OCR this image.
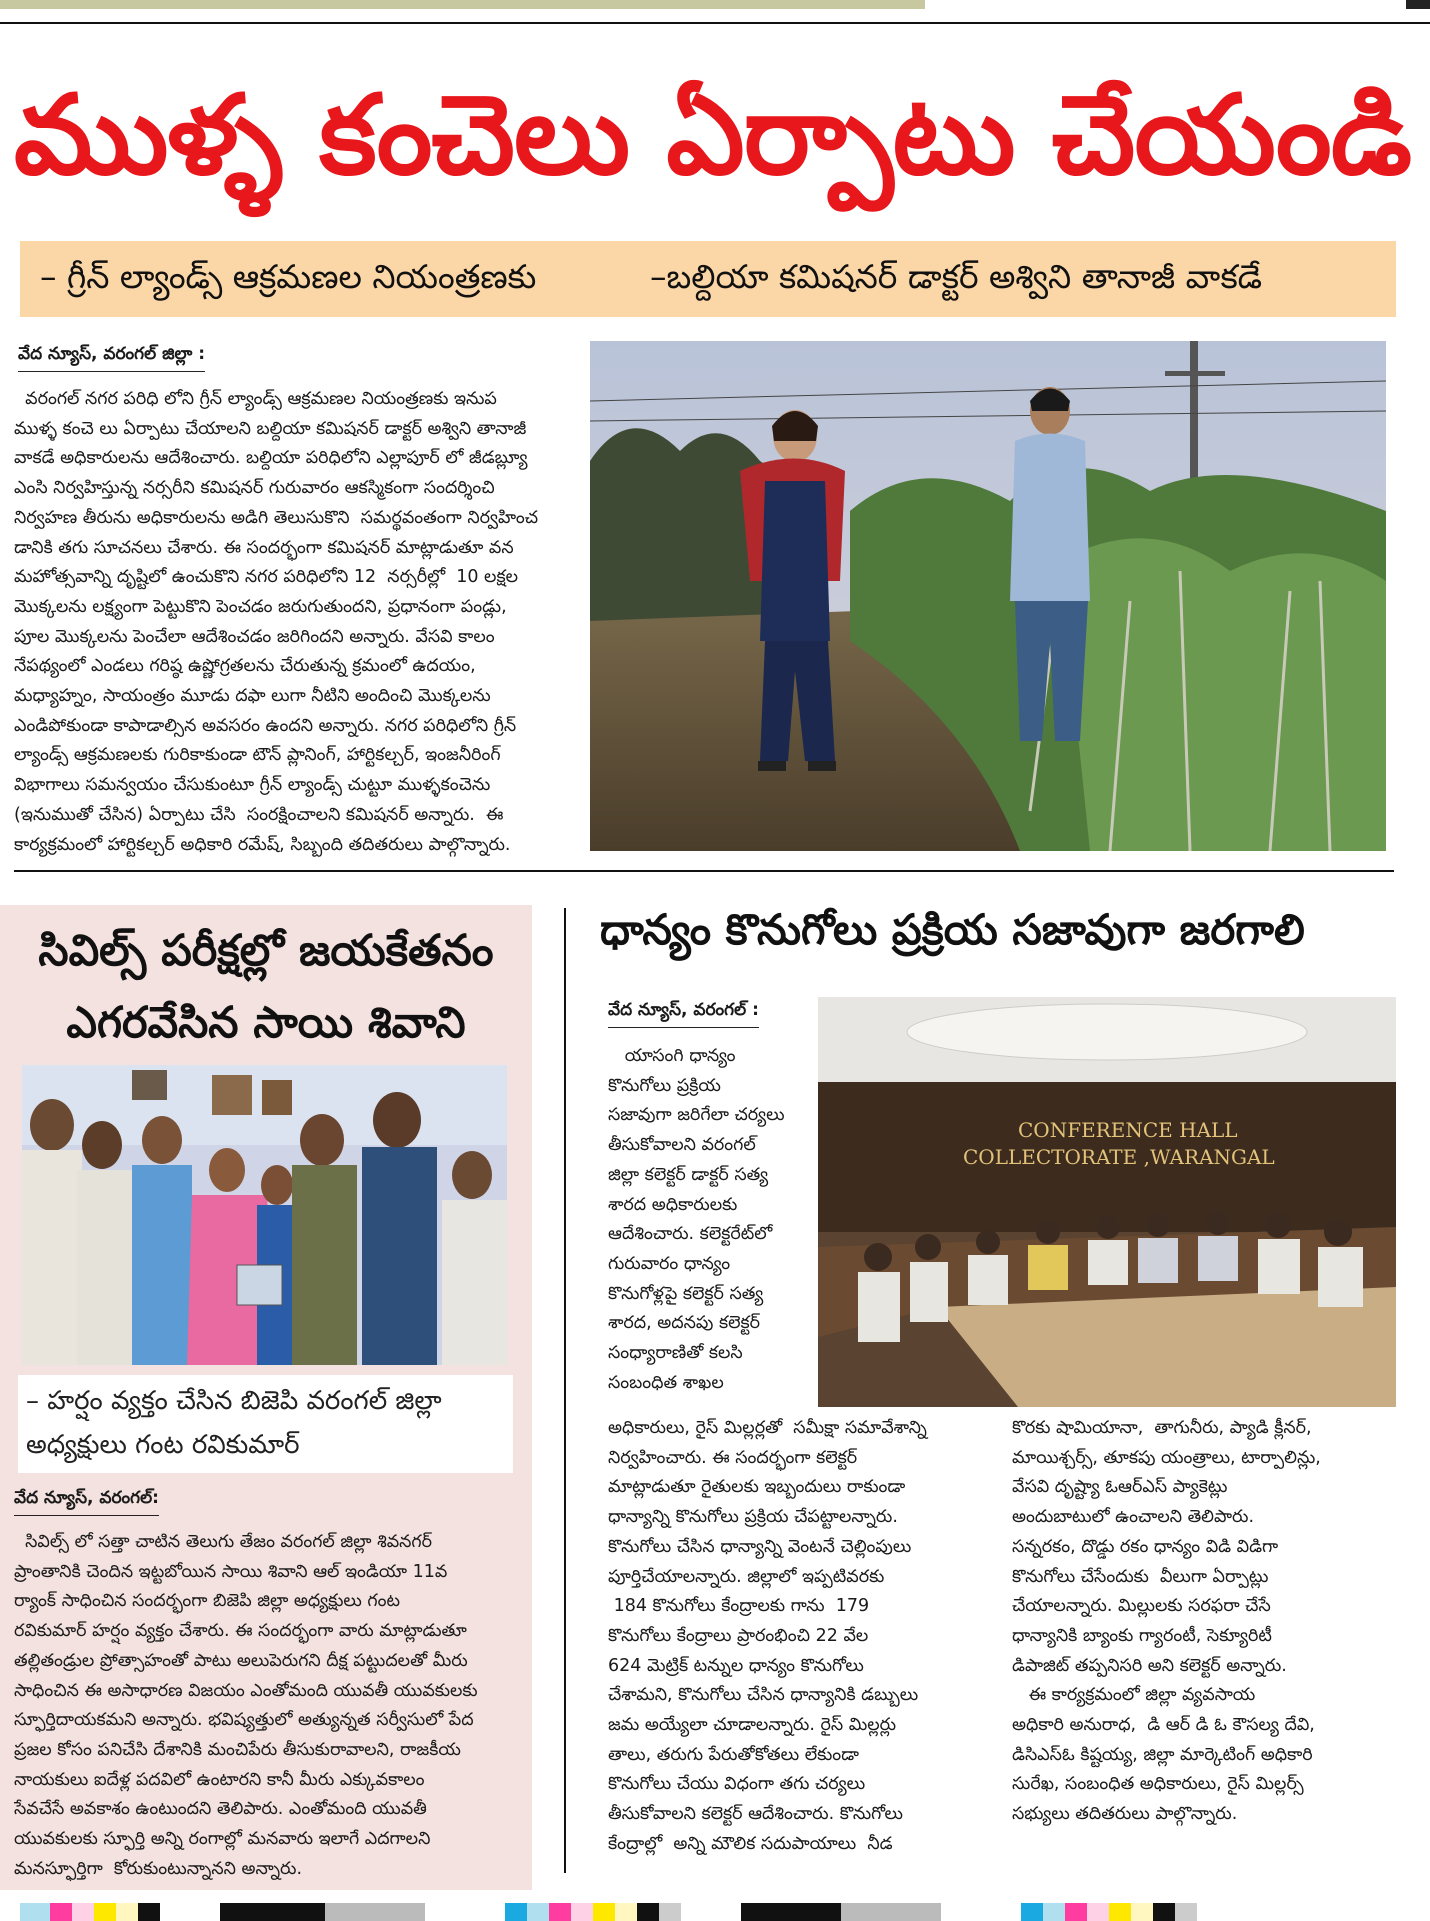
ముళ్ళ కంచెలు ఏర్పాటు చేయండి
– గ్రీన్ ల్యాండ్స్ ఆక్రమణల నియంత్రణకు	–బల్దియా కమిషనర్ డాక్టర్ అశ్విని తానాజీ వాకడే
వేద న్యూస్, వరంగల్ జిల్లా :
వరంగల్ నగర పరిధి లోని గ్రీన్ ల్యాండ్స్ ఆక్రమణల నియంత్రణకు ఇనుప
ముళ్ళ కంచె లు ఏర్పాటు చేయాలని బల్దియా కమిషనర్ డాక్టర్ అశ్విని తానాజీ
వాకడే అధికారులను ఆదేశించారు. బల్దియా పరిధిలోని ఎల్లాపూర్ లో జీడబ్ల్యూ
ఎంసి నిర్వహిస్తున్న నర్సరీని కమిషనర్ గురువారం ఆకస్మికంగా సందర్శించి
నిర్వహణ తీరును అధికారులను అడిగి తెలుసుకొని  సమర్థవంతంగా నిర్వహించ
డానికి తగు సూచనలు చేశారు. ఈ సందర్భంగా కమిషనర్ మాట్లాడుతూ వన
మహోత్సవాన్ని దృష్టిలో ఉంచుకొని నగర పరిధిలోని 12  నర్సరీల్లో  10 లక్షల
మొక్కలను లక్ష్యంగా పెట్టుకొని పెంచడం జరుగుతుందని, ప్రధానంగా పండ్లు,
పూల మొక్కలను పెంచేలా ఆదేశించడం జరిగిందని అన్నారు. వేసవి కాలం
నేపథ్యంలో ఎండలు గరిష్ఠ ఉష్ణోగ్రతలను చేరుతున్న క్రమంలో ఉదయం,
మధ్యాహ్నం, సాయంత్రం మూడు దఫా లుగా నీటిని అందించి మొక్కలను
ఎండిపోకుండా కాపాడాల్సిన అవసరం ఉందని అన్నారు. నగర పరిధిలోని గ్రీన్
ల్యాండ్స్ ఆక్రమణలకు గురికాకుండా టౌన్ ప్లానింగ్, హార్టికల్చర్, ఇంజనీరింగ్
విభాగాలు సమన్వయం చేసుకుంటూ గ్రీన్ ల్యాండ్స్ చుట్టూ ముళ్ళకంచెను
(ఇనుముతో చేసిన) ఏర్పాటు చేసి  సంరక్షించాలని కమిషనర్ అన్నారు.  ఈ
కార్యక్రమంలో హార్టికల్చర్ అధికారి రమేష్, సిబ్బంది తదితరులు పాల్గొన్నారు.
సివిల్స్ పరీక్షల్లో జయకేతనం
ఎగరవేసిన సాయి శివాని
– హర్షం వ్యక్తం చేసిన బిజెపి వరంగల్ జిల్లా
అధ్యక్షులు గంట రవికుమార్
వేద న్యూస్, వరంగల్:
సివిల్స్ లో సత్తా చాటిన తెలుగు తేజం వరంగల్ జిల్లా శివనగర్
ప్రాంతానికి చెందిన ఇట్టబోయిన సాయి శివాని ఆల్ ఇండియా 11వ
ర్యాంక్ సాధించిన సందర్భంగా బిజెపి జిల్లా అధ్యక్షులు గంట
రవికుమార్ హర్షం వ్యక్తం చేశారు. ఈ సందర్భంగా వారు మాట్లాడుతూ
తల్లితండ్రుల ప్రోత్సాహంతో పాటు అలుపెరుగని దీక్ష పట్టుదలతో మీరు
సాధించిన ఈ అసాధారణ విజయం ఎంతోమంది యువతీ యువకులకు
స్ఫూర్తిదాయకమని అన్నారు. భవిష్యత్తులో అత్యున్నత సర్వీసులో పేద
ప్రజల కోసం పనిచేసి దేశానికి మంచిపేరు తీసుకురావాలని, రాజకీయ
నాయకులు ఐదేళ్ల పదవిలో ఉంటారని కానీ మీరు ఎక్కువకాలం
సేవచేసే అవకాశం ఉంటుందని తెలిపారు. ఎంతోమంది యువతీ
యువకులకు స్ఫూర్తి అన్ని రంగాల్లో మనవారు ఇలాగే ఎదగాలని
మనస్ఫూర్తిగా  కోరుకుంటున్నానని అన్నారు.
ధాన్యం కొనుగోలు ప్రక్రియ సజావుగా జరగాలి
వేద న్యూస్, వరంగల్ :
యాసంగి ధాన్యం
కొనుగోలు ప్రక్రియ
సజావుగా జరిగేలా చర్యలు
తీసుకోవాలని వరంగల్
జిల్లా కలెక్టర్ డాక్టర్ సత్య
శారద అధికారులకు
ఆదేశించారు. కలెక్టరేట్‌లో
గురువారం ధాన్యం
కొనుగోళ్లపై కలెక్టర్ సత్య
శారద, అదనపు కలెక్టర్
సంధ్యారాణితో కలసి
సంబంధిత శాఖల
CONFERENCE HALL
COLLECTORATE ,WARANGAL
అధికారులు, రైస్ మిల్లర్లతో  సమీక్షా సమావేశాన్ని
నిర్వహించారు. ఈ సందర్భంగా కలెక్టర్
మాట్లాడుతూ రైతులకు ఇబ్బందులు రాకుండా
ధాన్యాన్ని కొనుగోలు ప్రక్రియ చేపట్టాలన్నారు.
కొనుగోలు చేసిన ధాన్యాన్ని వెంటనే చెల్లింపులు
పూర్తిచేయాలన్నారు. జిల్లాలో ఇప్పటివరకు
184 కొనుగోలు కేంద్రాలకు గాను  179
కొనుగోలు కేంద్రాలు ప్రారంభించి 22 వేల
624 మెట్రిక్ టన్నుల ధాన్యం కొనుగోలు
చేశామని, కొనుగోలు చేసిన ధాన్యానికి డబ్బులు
జమ అయ్యేలా చూడాలన్నారు. రైస్ మిల్లర్లు
తాలు, తరుగు పేరుతోకోతలు లేకుండా
కొనుగోలు చేయు విధంగా తగు చర్యలు
తీసుకోవాలని కలెక్టర్ ఆదేశించారు. కొనుగోలు
కేంద్రాల్లో  అన్ని మౌలిక సదుపాయాలు  నీడ
కొరకు షామియానా,  తాగునీరు, ప్యాడి క్లీనర్,
మాయిశ్చర్స్, తూకపు యంత్రాలు, టార్పాలిన్లు,
వేసవి దృష్ట్యా ఓఆర్ఎస్ ప్యాకెట్లు
అందుబాటులో ఉంచాలని తెలిపారు.
సన్నరకం, దొడ్డు రకం ధాన్యం విడి విడిగా
కొనుగోలు చేసేందుకు  వీలుగా ఏర్పాట్లు
చేయాలన్నారు. మిల్లులకు సరఫరా చేసే
ధాన్యానికి బ్యాంకు గ్యారంటీ, సెక్యూరిటీ
డిపాజిట్ తప్పనిసరి అని కలెక్టర్ అన్నారు.
ఈ కార్యక్రమంలో జిల్లా వ్యవసాయ
అధికారి అనురాధ,  డి ఆర్ డి ఓ కౌసల్య దేవి,
డిసిఎస్ఓ కిష్టయ్య, జిల్లా మార్కెటింగ్ అధికారి
సురేఖ, సంబంధిత అధికారులు, రైస్ మిల్లర్స్
సభ్యులు తదితరులు పాల్గొన్నారు.
